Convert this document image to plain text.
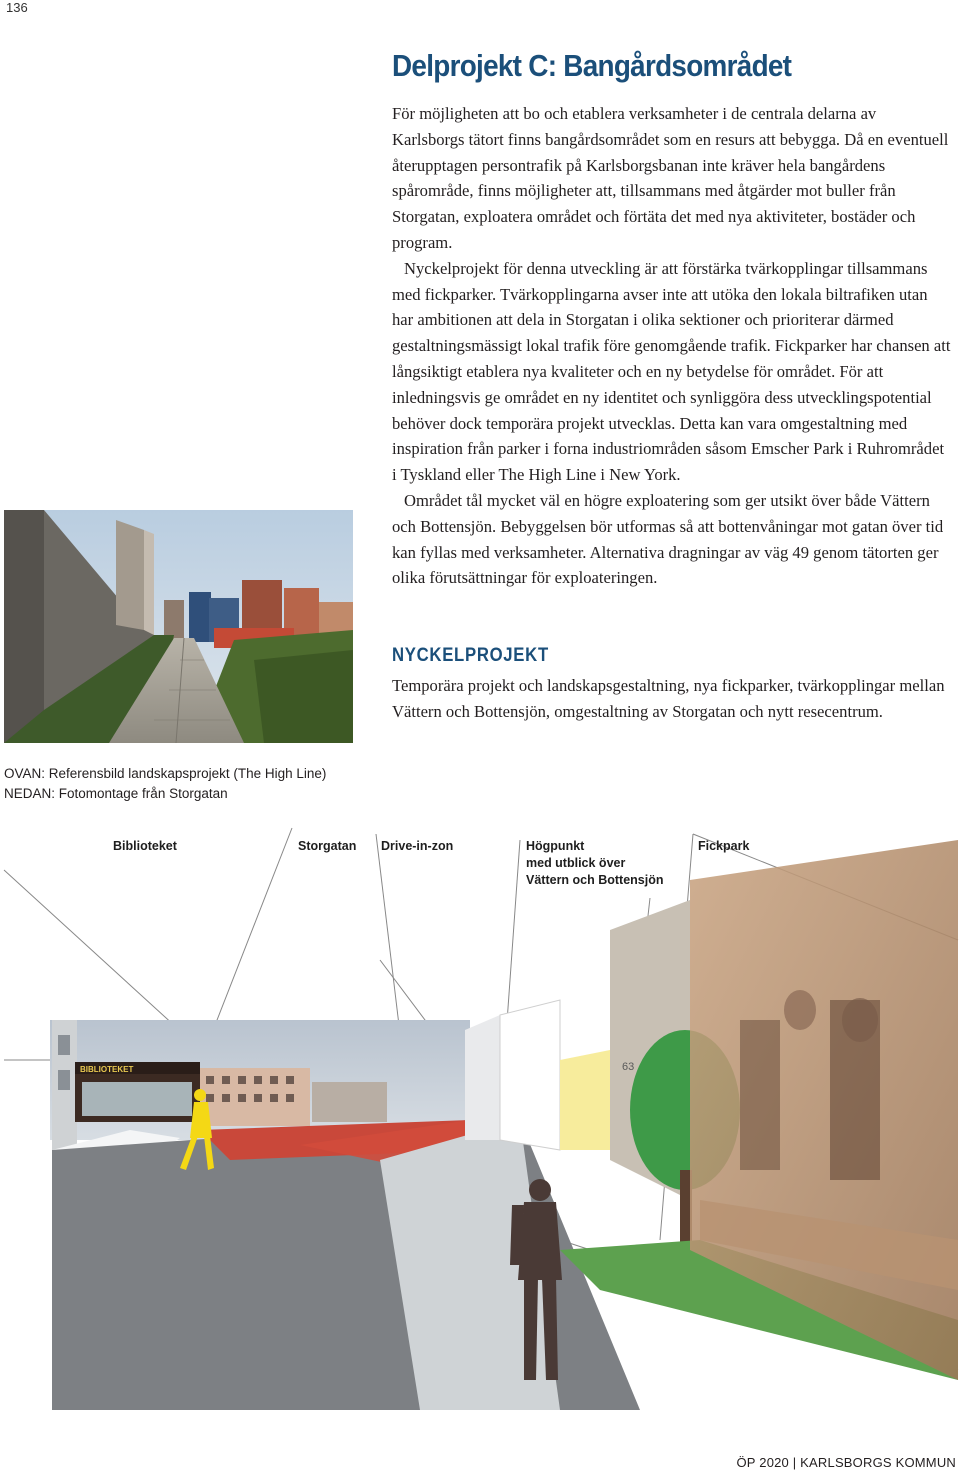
136
Delprojekt C: Bangårdsområdet

För möjligheten att bo och etablera verksamheter i de centrala delarna av Karlsborgs tätort finns bangårdsområdet som en resurs att bebygga. Då en eventuell återupptagen persontrafik på Karlsborgsbanan inte kräver hela bangårdens spårområde, finns möjligheter att, tillsammans med åtgärder mot buller från Storgatan, exploatera området och förtäta det med nya aktiviteter, bostäder och program.

Nyckelprojekt för denna utveckling är att förstärka tvärkopplingar tillsammans med fickparker. Tvärkopplingarna avser inte att utöka den lokala biltrafiken utan har ambitionen att dela in Storgatan i olika sektioner och prioriterar därmed gestaltningsmässigt lokal trafik före genomgående trafik. Fickparker har chansen att långsiktigt etablera nya kvaliteter och en ny betydelse för området. För att inledningsvis ge området en ny identitet och synliggöra dess utvecklingspotential behöver dock temporära projekt utvecklas. Detta kan vara omgestaltning med inspiration från parker i forna industriområden såsom Emscher Park i Ruhrområdet i Tyskland eller The High Line i New York.

Området tål mycket väl en högre exploatering som ger utsikt över både Vättern och Bottensjön. Bebyggelsen bör utformas så att bottenvåningar mot gatan över tid kan fyllas med verksamheter. Alternativa dragningar av väg 49 genom tätorten ger olika förutsättningar för exploateringen.

NYCKELPROJEKT

Temporära projekt och landskapsgestaltning, nya fickparker, tvärkopplingar mellan Vättern och Bottensjön, omgestaltning av Storgatan och nytt resecentrum.

OVAN: Referensbild landskapsprojekt (The High Line)
NEDAN: Fotomontage från Storgatan
Biblioteket	Storgatan Drive-in-zon	Högpunkt
med utblick över
Vättern och Bottensjön
Fickpark
BIBLIOTEKET	63
ÖP 2020 | KARLSBORGS KOMMUN
